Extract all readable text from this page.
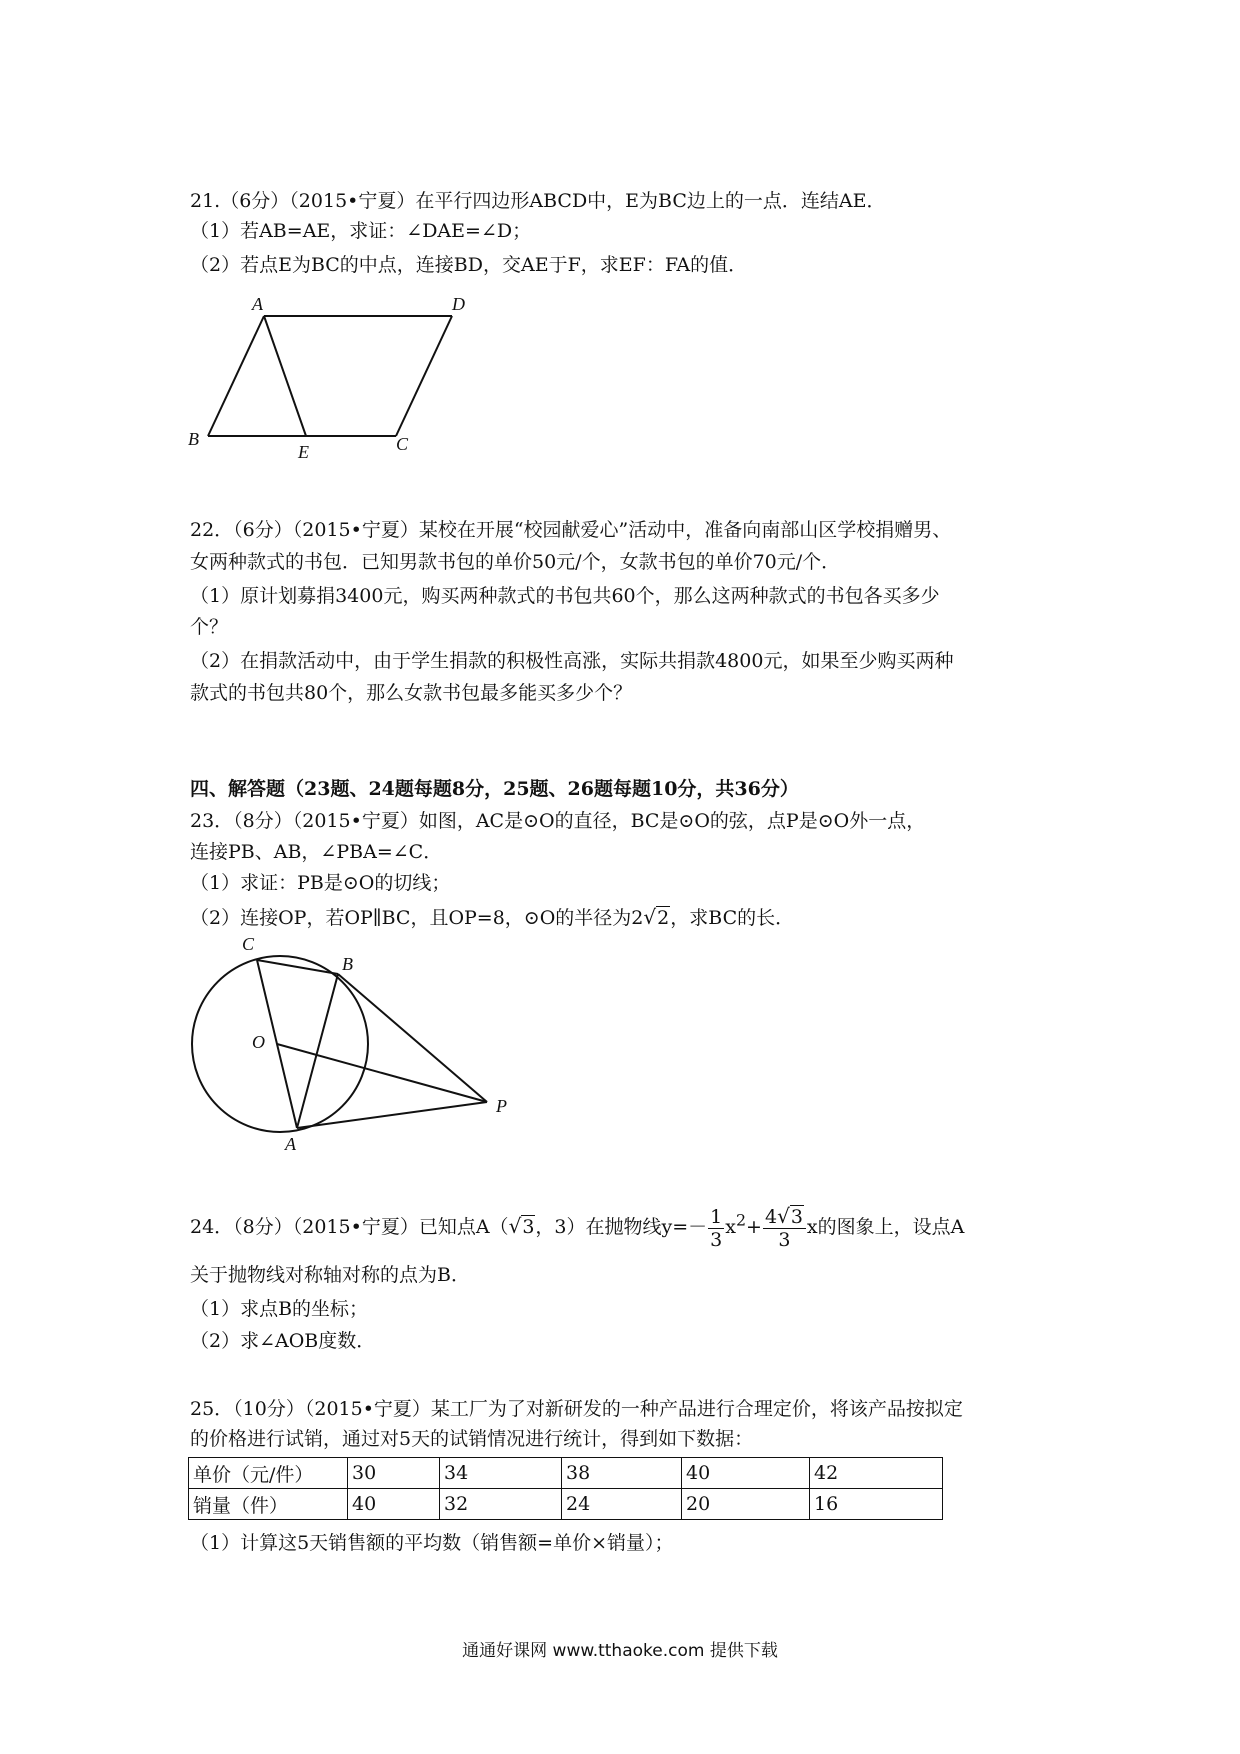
21.（6分）（2015•宁夏）在平行四边形ABCD中，E为BC边上的一点．连结AE．
（1）若AB=AE，求证：∠DAE=∠D；
（2）若点E为BC的中点，连接BD，交AE于F，求EF：FA的值．
A	D
B
E	C
22．（6分）（2015•宁夏）某校在开展“校园献爱心”活动中，准备向南部山区学校捐赠男、
女两种款式的书包．已知男款书包的单价50元/个，女款书包的单价70元/个．
（1）原计划募捐3400元，购买两种款式的书包共60个，那么这两种款式的书包各买多少
个？
（2）在捐款活动中，由于学生捐款的积极性高涨，实际共捐款4800元，如果至少购买两种
款式的书包共80个，那么女款书包最多能买多少个？
四、解答题（23题、24题每题8分，25题、26题每题10分，共36分）
23．（8分）（2015•宁夏）如图，AC是⊙O的直径，BC是⊙O的弦，点P是⊙O外一点，
连接PB、AB，∠PBA=∠C．
（1）求证：PB是⊙O的切线；
（2）连接OP，若OP∥BC，且OP=8，⊙O的半径为2√2，求BC的长．
C
B
O
A
P
24．（8分）（2015•宁夏）已知点A（√3，3）在抛物线$y=- \frac{1}{3} x^2+ \frac{4√3}{3}$ x的图象上，设点A
关于抛物线对称轴对称的点为B．
（1）求点B的坐标；
（2）求∠AOB度数．
25．（10分）（2015•宁夏）某工厂为了对新研发的一种产品进行合理定价，将该产品按拟定
的价格进行试销，通过对5天的试销情况进行统计，得到如下数据：
单价（元/件）	30	34	38	40	42
销量（件）	40	32	24	20	16
（1）计算这5天销售额的平均数（销售额=单价×销量）；
通通好课网 www.tthaoke.com 提供下载
